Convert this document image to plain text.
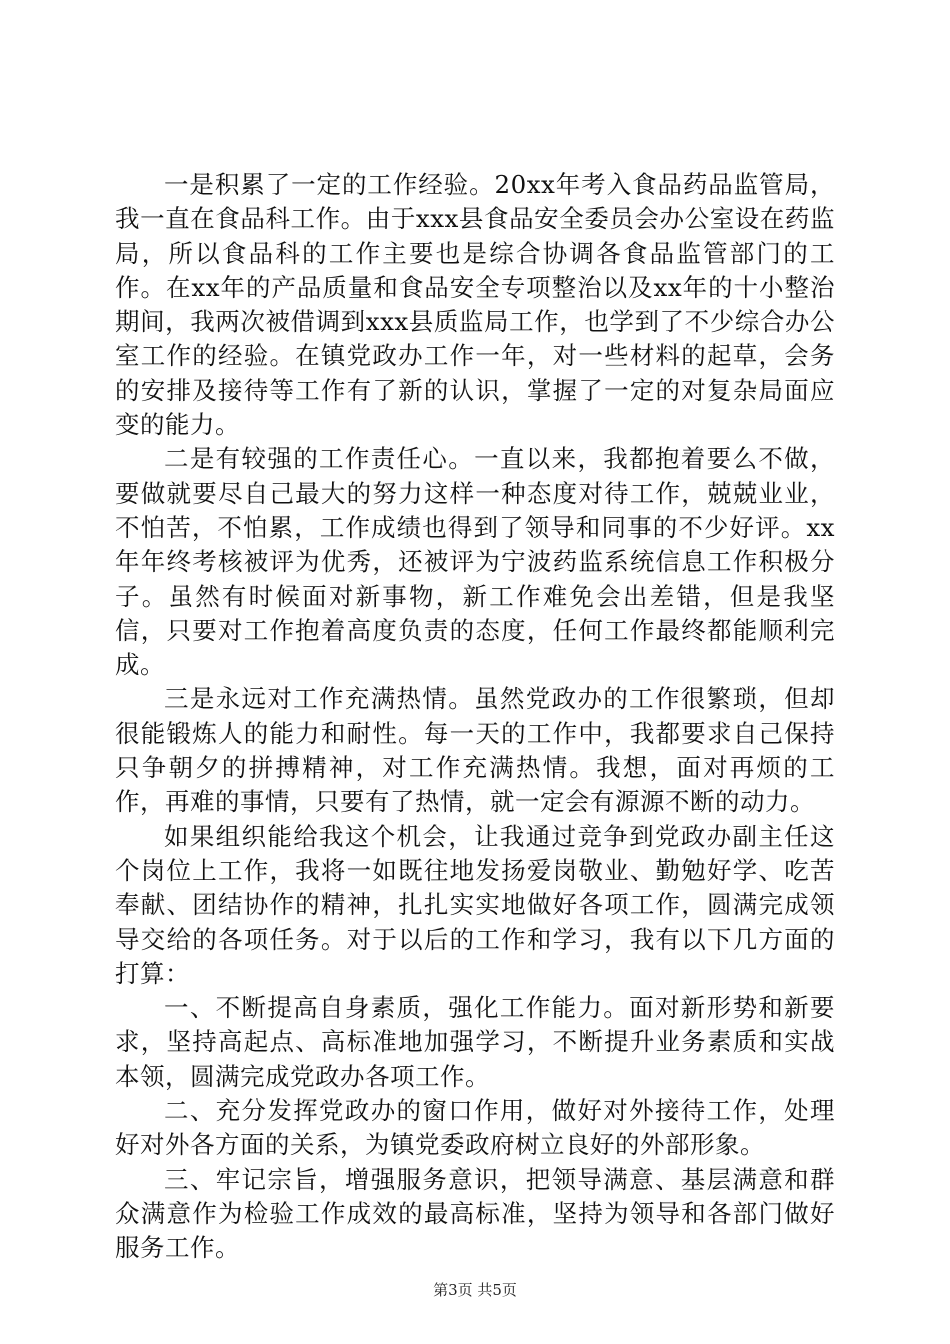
一是积累了一定的工作经验。20xx年考入食品药品监管局，我一直在食品科工作。由于xxx县食品安全委员会办公室设在药监局，所以食品科的工作主要也是综合协调各食品监管部门的工作。在xx年的产品质量和食品安全专项整治以及xx年的十小整治期间，我两次被借调到xxx县质监局工作，也学到了不少综合办公室工作的经验。在镇党政办工作一年，对一些材料的起草，会务的安排及接待等工作有了新的认识，掌握了一定的对复杂局面应变的能力。

二是有较强的工作责任心。一直以来，我都抱着要么不做，要做就要尽自己最大的努力这样一种态度对待工作，兢兢业业，不怕苦，不怕累，工作成绩也得到了领导和同事的不少好评。xx年年终考核被评为优秀，还被评为宁波药监系统信息工作积极分子。虽然有时候面对新事物，新工作难免会出差错，但是我坚信，只要对工作抱着高度负责的态度，任何工作最终都能顺利完成。

三是永远对工作充满热情。虽然党政办的工作很繁琐，但却很能锻炼人的能力和耐性。每一天的工作中，我都要求自己保持只争朝夕的拼搏精神，对工作充满热情。我想，面对再烦的工作，再难的事情，只要有了热情，就一定会有源源不断的动力。

如果组织能给我这个机会，让我通过竞争到党政办副主任这个岗位上工作，我将一如既往地发扬爱岗敬业、勤勉好学、吃苦奉献、团结协作的精神，扎扎实实地做好各项工作，圆满完成领导交给的各项任务。对于以后的工作和学习，我有以下几方面的打算：

一、不断提高自身素质，强化工作能力。面对新形势和新要求，坚持高起点、高标准地加强学习，不断提升业务素质和实战本领，圆满完成党政办各项工作。

二、充分发挥党政办的窗口作用，做好对外接待工作，处理好对外各方面的关系，为镇党委政府树立良好的外部形象。

三、牢记宗旨，增强服务意识，把领导满意、基层满意和群众满意作为检验工作成效的最高标准，坚持为领导和各部门做好服务工作。

第3页 共5页
